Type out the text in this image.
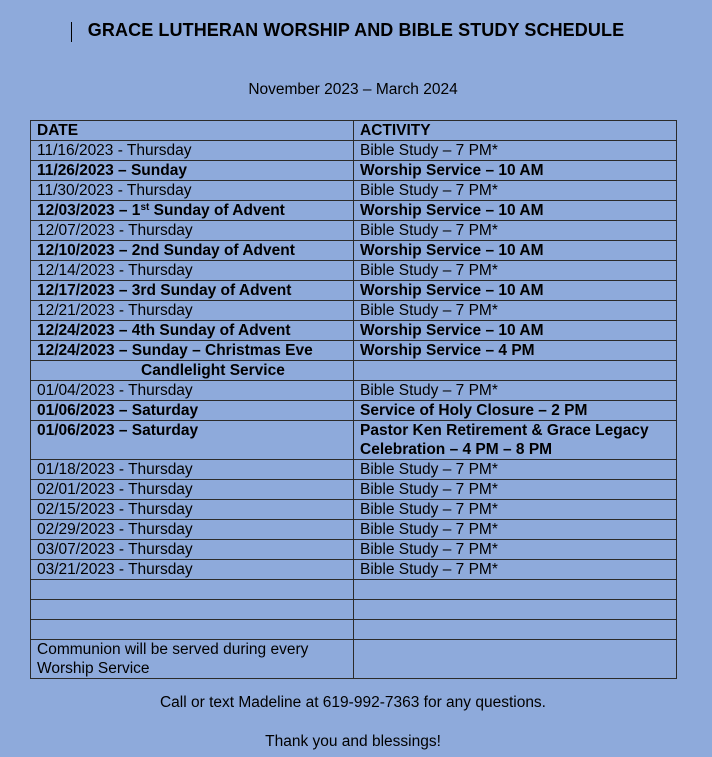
GRACE LUTHERAN WORSHIP AND BIBLE STUDY SCHEDULE
November 2023 – March 2024
DATE	ACTIVITY
11/16/2023 - Thursday	Bible Study – 7 PM*
11/26/2023 – Sunday	Worship Service – 10 AM
11/30/2023 - Thursday	Bible Study – 7 PM*
12/03/2023 – 1st Sunday of Advent	Worship Service – 10 AM
12/07/2023 - Thursday	Bible Study – 7 PM*
12/10/2023 – 2nd Sunday of Advent	Worship Service – 10 AM
12/14/2023 - Thursday	Bible Study – 7 PM*
12/17/2023 – 3rd Sunday of Advent	Worship Service – 10 AM
12/21/2023 - Thursday	Bible Study – 7 PM*
12/24/2023 – 4th Sunday of Advent	Worship Service – 10 AM
12/24/2023 – Sunday – Christmas Eve	Worship Service – 4 PM
Candlelight Service	
01/04/2023 - Thursday	Bible Study – 7 PM*
01/06/2023 – Saturday	Service of Holy Closure – 2 PM
01/06/2023 – Saturday	Pastor Ken Retirement & Grace Legacy Celebration – 4 PM – 8 PM
01/18/2023 - Thursday	Bible Study – 7 PM*
02/01/2023 - Thursday	Bible Study – 7 PM*
02/15/2023 - Thursday	Bible Study – 7 PM*
02/29/2023 - Thursday	Bible Study – 7 PM*
03/07/2023 - Thursday	Bible Study – 7 PM*
03/21/2023 - Thursday	Bible Study – 7 PM*

Communion will be served during every Worship Service	
Call or text Madeline at 619-992-7363 for any questions.
Thank you and blessings!
